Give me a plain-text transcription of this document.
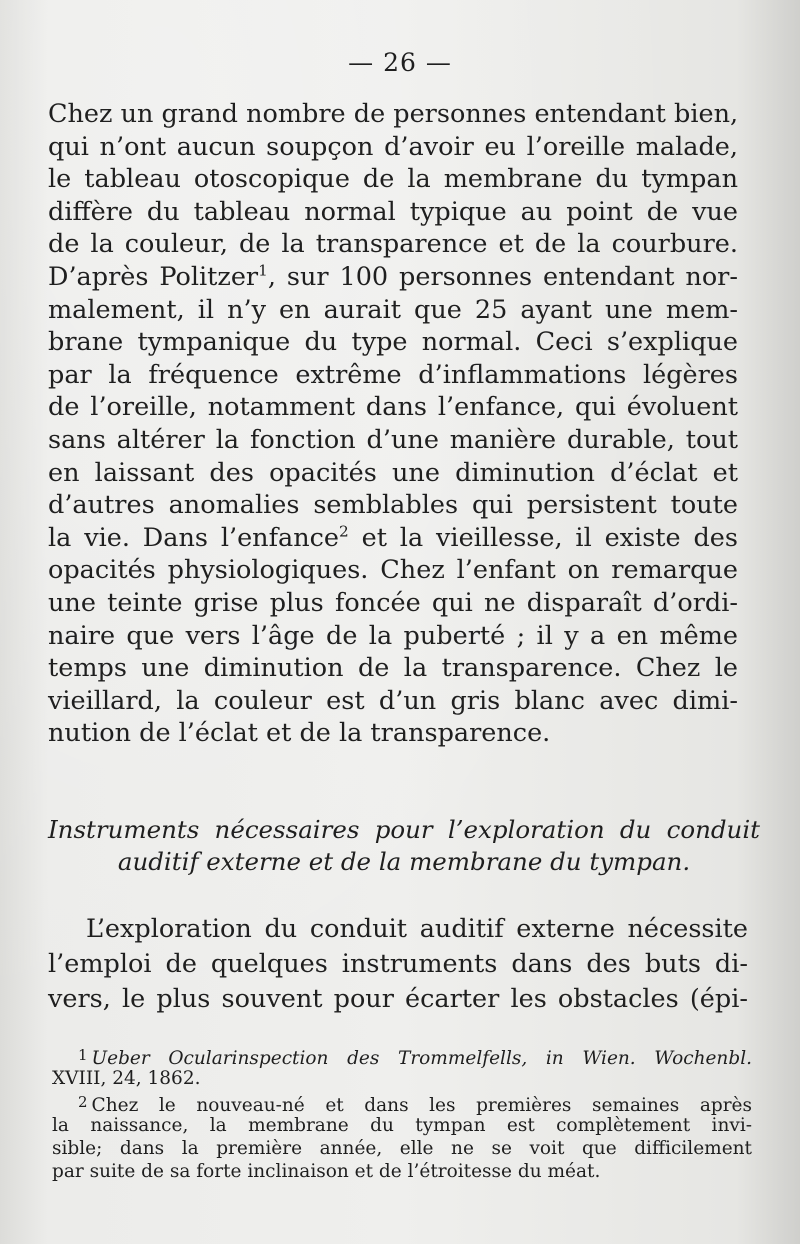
— 26 —
Chez un grand nombre de personnes entendant bien,
qui n’ont aucun soupçon d’avoir eu l’oreille malade,
le tableau otoscopique de la membrane du tympan
diffère du tableau normal typique au point de vue
de la couleur, de la transparence et de la courbure.
D’après Politzer$^1$, sur 100 personnes entendant nor-
malement, il n’y en aurait que 25 ayant une mem-
brane tympanique du type normal. Ceci s’explique
par la fréquence extrême d’inflammations légères
de l’oreille, notamment dans l’enfance, qui évoluent
sans altérer la fonction d’une manière durable, tout
en laissant des opacités une diminution d’éclat et
d’autres anomalies semblables qui persistent toute
la vie. Dans l’enfance$^2$ et la vieillesse, il existe des
opacités physiologiques. Chez l’enfant on remarque
une teinte grise plus foncée qui ne disparaît d’ordi-
naire que vers l’âge de la puberté ; il y a en même
temps une diminution de la transparence. Chez le
vieillard, la couleur est d’un gris blanc avec dimi-
nution de l’éclat et de la transparence.
Instruments nécessaires pour l’exploration du conduit
auditif externe et de la membrane du tympan.
L’exploration du conduit auditif externe nécessite
l’emploi de quelques instruments dans des buts di-
vers, le plus souvent pour écarter les obstacles (épi-
$^1$ Ueber Ocularinspection des Trommelfells, in Wien. Wochenbl.
XVIII, 24, 1862.
$^2$ Chez le nouveau-né et dans les premières semaines après
la naissance, la membrane du tympan est complètement invi-
sible; dans la première année, elle ne se voit que difficilement
par suite de sa forte inclinaison et de l’étroitesse du méat.
